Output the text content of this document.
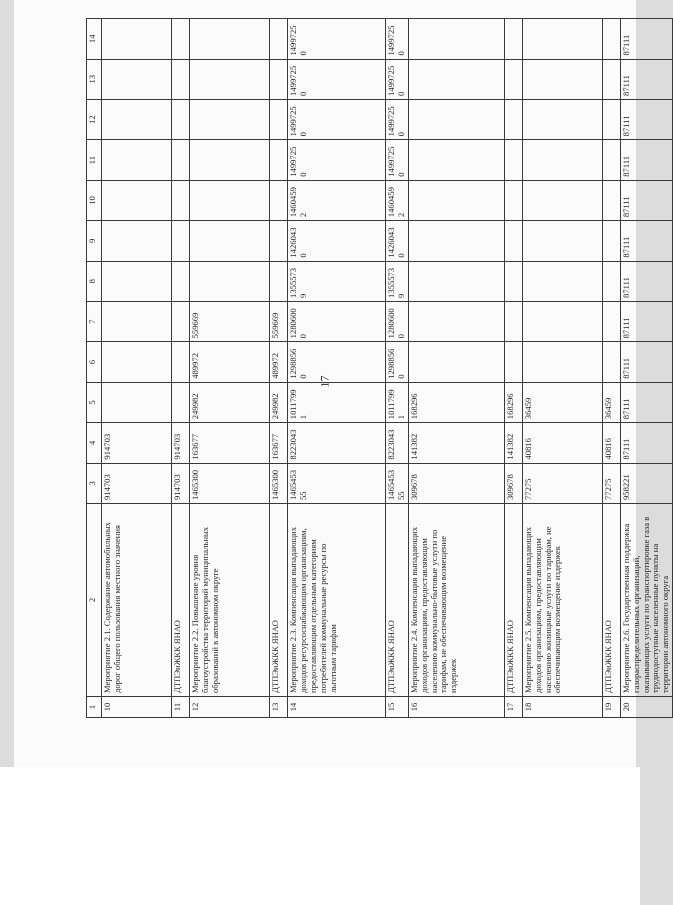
17
1	2	3	4	5	6	7	8	9	10	11	12	13	14
10	Мероприятие 2.1. Содержание автомобильных дорог общего пользования местного значения	914703	914703										
11	ДТПЭиЖКК ЯНАО	914703	914703										
12	Мероприятие 2.2. Повышение уровня благоустройства территорий муниципальных образований в автономном округе	1465300	163677	249982	489972	559669							
13	ДТПЭиЖКК ЯНАО	1465300	163677	249982	489972	559669							
14	Мероприятие 2.3. Компенсация выпадающих доходов ресурсоснабжающим организациям, предоставляющим отдельным категориям потребителей коммунальные ресурсы по льготным тарифам	146545355	8223043	10117991	12988560	12806000	13555739	14260430	14604592	14997250	14997250	14997250	14997250
15	ДТПЭиЖКК ЯНАО	146545355	8223043	10117991	12988560	12806000	13555739	14260430	14604592	14997250	14997250	14997250	14997250
16	Мероприятие 2.4. Компенсация выпадающих доходов организациям, предоставляющим населению коммунально-бытовые услуги по тарифам, не обеспечивающим возмещение издержек	309678	141382	168296									
17	ДТПЭиЖКК ЯНАО	309678	141382	168296									
18	Мероприятие 2.5. Компенсация выпадающих доходов организациям, предоставляющим населению жилищные услуги по тарифам, не обеспечивающим возмещение издержек	77275	40816	36459									
19	ДТПЭиЖКК ЯНАО	77275	40816	36459									
20	Мероприятие 2.6. Государственная поддержка газораспределительных организаций, оказывающих услуги по транспортировке газа в труднодоступные населенные пункты на территории автономного округа	958221	87111	87111	87111	87111	87111	87111	87111	87111	87111	87111	87111
